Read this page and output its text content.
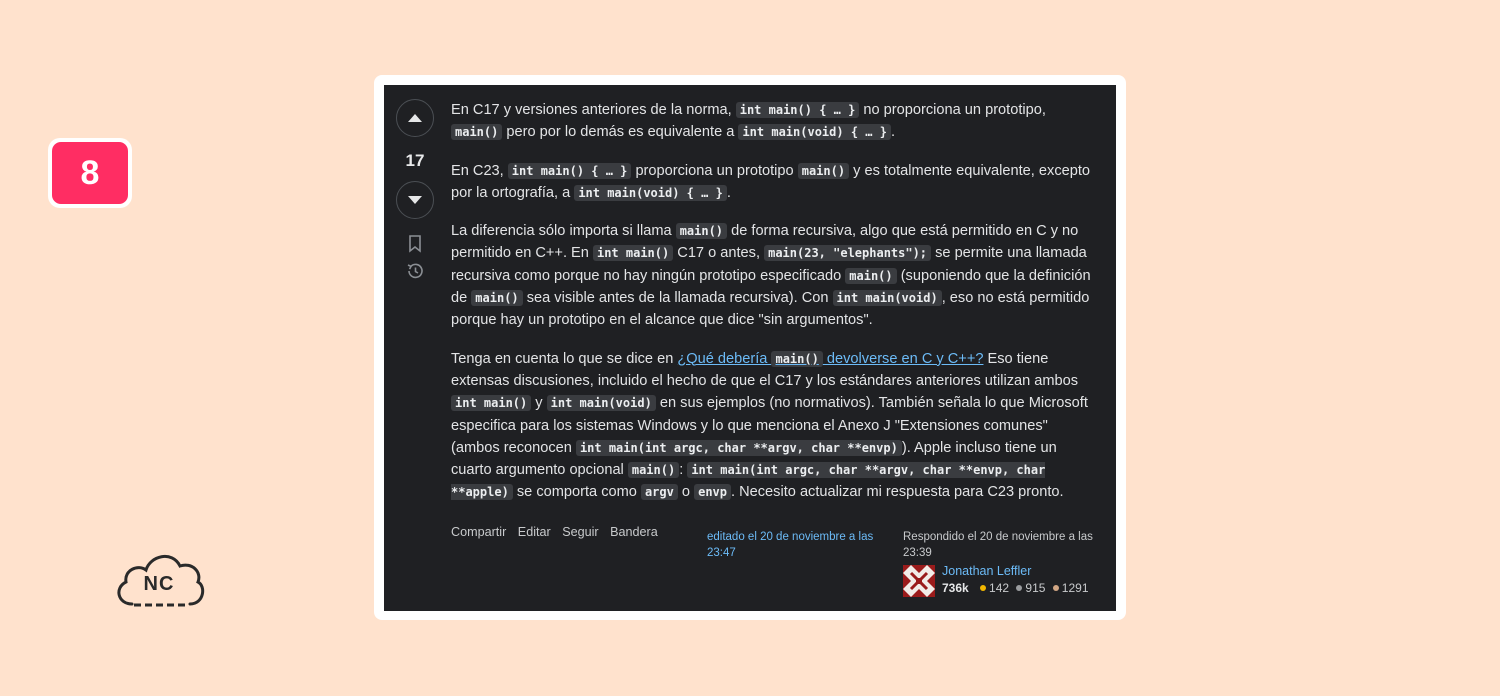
8
NC
17

En C17 y versiones anteriores de la norma, int main() { … } no proporciona un prototipo, main() pero por lo demás es equivalente a int main(void) { … } .

En C23, int main() { … } proporciona un prototipo main() y es totalmente equivalente, excepto por la ortografía, a int main(void) { … } .

La diferencia sólo importa si llama main() de forma recursiva, algo que está permitido en C y no permitido en C++. En int main() C17 o antes, main(23, "elephants"); se permite una llamada recursiva como porque no hay ningún prototipo especificado main() (suponiendo que la definición de main() sea visible antes de la llamada recursiva). Con int main(void) , eso no está permitido porque hay un prototipo en el alcance que dice "sin argumentos".

Tenga en cuenta lo que se dice en ¿Qué debería main() devolverse en C y C++? Eso tiene extensas discusiones, incluido el hecho de que el C17 y los estándares anteriores utilizan ambos int main() y int main(void) en sus ejemplos (no normativos). También señala lo que Microsoft especifica para los sistemas Windows y lo que menciona el Anexo J "Extensiones comunes" (ambos reconocen int main(int argc, char **argv, char **envp) ). Apple incluso tiene un cuarto argumento opcional main() : int main(int argc, char **argv, char **envp, char **apple) se comporta como argv o envp . Necesito actualizar mi respuesta para C23 pronto.

Compartir Editar Seguir Bandera	editado el 20 de noviembre a las 23:47
Respondido el 20 de noviembre a las 23:39
Jonathan Leffler
736k 142 915 1291
